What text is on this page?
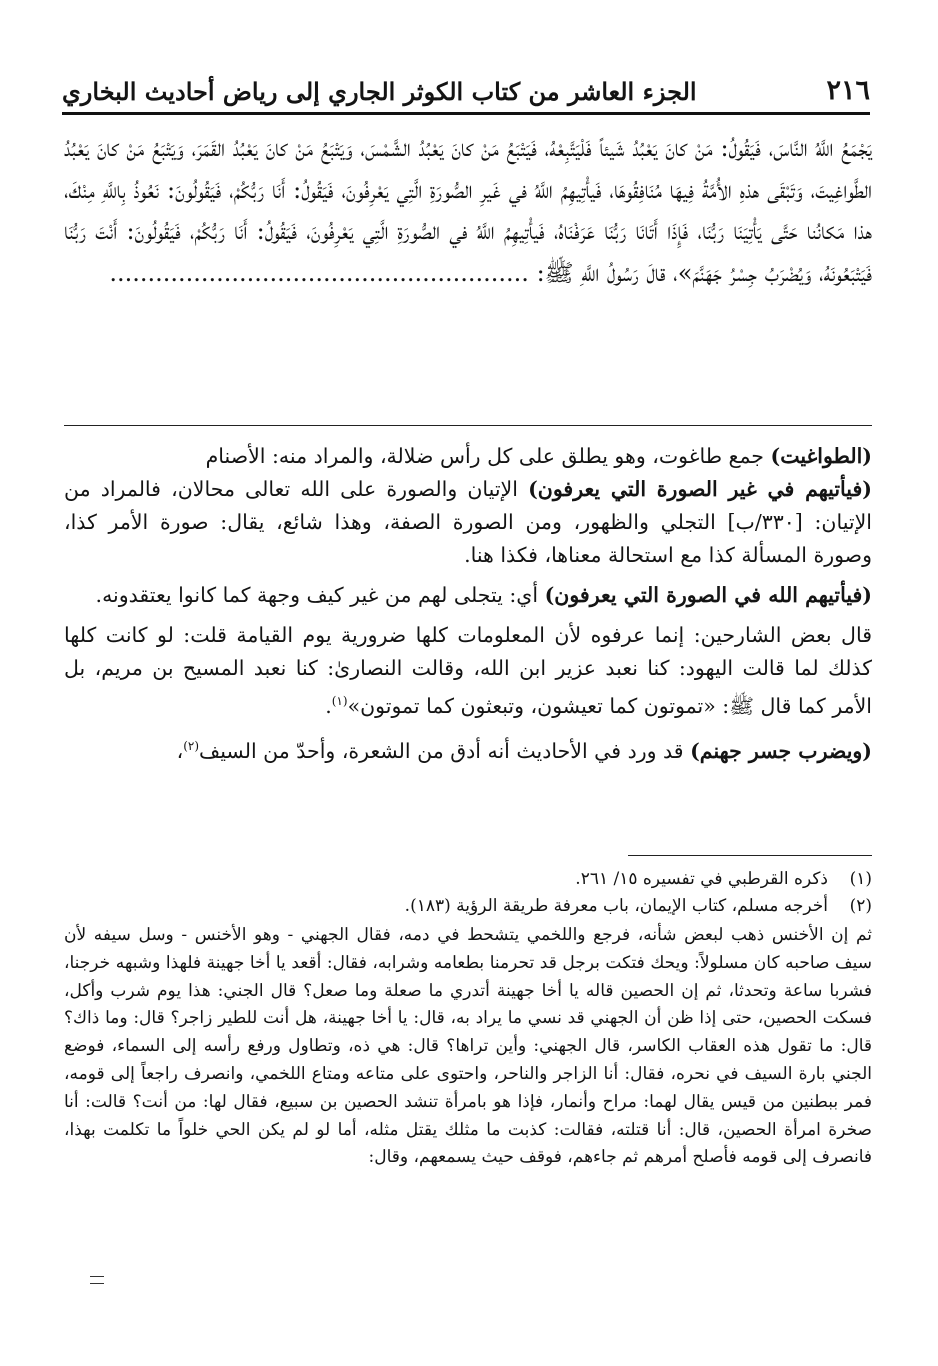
٢١٦
الجزء العاشر من كتاب الكوثر الجاري إلى رياض أحاديث البخاري

يَجْمَعُ اللَّهُ النَّاسَ، فَيَقُولُ: مَنْ كانَ يَعْبُدُ شَيئاً فَلْيَتَّبِعْهُ، فَيَتْبَعُ مَنْ كانَ يَعْبُدُ الشَّمْسَ، وَيَتْبَعُ مَنْ كانَ يَعْبُدُ القَمَرَ، وَيَتْبَعُ مَنْ كانَ يَعْبُدُ الطَّواغِيتَ، وَتَبْقَى هذهِ الأُمَّةُ فِيهَا مُنَافِقُوهَا، فَيأْتِيهِمُ اللَّهُ في غَيرِ الصُّورَةِ الَّتِي يَعْرِفُونَ، فَيَقُولُ: أَنَا رَبُّكُمْ، فَيَقُولُونَ: نَعُوذُ بِاللَّهِ مِنْكَ، هذا مَكانُنا حَتَّى يَأْتِيَنَا رَبُّنَا، فَإِذَا أَتَانَا رَبُّنَا عَرَفْنَاهُ، فَيأْتِيهِمُ اللَّهُ في الصُّورَةِ الَّتِي يَعْرِفُونَ، فَيَقُولُ: أَنَا رَبُّكُمْ، فَيَقُولُونَ: أَنْتَ رَبُّنَا فَيَتْبَعُونَهُ، وَيُضْرَبُ جِسْرُ جَهَنَّمَ»، قالَ رَسُولُ اللَّهِ ﷺ: .......................................................

(الطواغيت) جمع طاغوت، وهو يطلق على كل رأس ضلالة، والمراد منه: الأصنام
(فيأتيهم في غير الصورة التي يعرفون) الإتيان والصورة على الله تعالى محالان، فالمراد من الإتيان: [٣٣٠/ب] التجلي والظهور، ومن الصورة الصفة، وهذا شائع، يقال: صورة الأمر كذا، وصورة المسألة كذا مع استحالة معناها، فكذا هنا.

(فيأتيهم الله في الصورة التي يعرفون) أي: يتجلى لهم من غير كيف وجهة كما كانوا يعتقدونه.

قال بعض الشارحين: إنما عرفوه لأن المعلومات كلها ضرورية يوم القيامة قلت: لو كانت كلها كذلك لما قالت اليهود: كنا نعبد عزير ابن الله، وقالت النصارىٰ: كنا نعبد المسيح بن مريم، بل الأمر كما قال ﷺ: «تموتون كما تعيشون، وتبعثون كما تموتون»$^{(١)}$.

(ويضرب جسر جهنم) قد ورد في الأحاديث أنه أدق من الشعرة، وأحدّ من السيف$^{(٢)}$،

(١)
ذكره القرطبي في تفسيره ١٥/ ٢٦١.
(٢)
أخرجه مسلم، كتاب الإيمان، باب معرفة طريقة الرؤية (١٨٣).
ثم إن الأخنس ذهب لبعض شأنه، فرجع واللخمي يتشحط في دمه، فقال الجهني - وهو الأخنس - وسل سيفه لأن سيف صاحبه كان مسلولاً: ويحك فتكت برجل قد تحرمنا بطعامه وشرابه، فقال: أقعد يا أخا جهينة فلهذا وشبهه خرجنا، فشربا ساعة وتحدثا، ثم إن الحصين قاله يا أخا جهينة أتدري ما صعلة وما صعل؟ قال الجني: هذا يوم شرب وأكل، فسكت الحصين، حتى إذا ظن أن الجهني قد نسي ما يراد به، قال: يا أخا جهينة، هل أنت للطير زاجر؟ قال: وما ذاك؟ قال: ما تقول هذه العقاب الكاسر، قال الجهني: وأين تراها؟ قال: هي ذه، وتطاول ورفع رأسه إلى السماء، فوضع الجني بارة السيف في نحره، فقال: أنا الزاجر والناحر، واحتوى على متاعه ومتاع اللخمي، وانصرف راجعاً إلى قومه، فمر ببطنين من قيس يقال لهما: مراح وأنمار، فإذا هو بامرأة تنشد الحصين بن سبيع، فقال لها: من أنت؟ قالت: أنا صخرة امرأة الحصين، قال: أنا قتلته، فقالت: كذبت ما مثلك يقتل مثله، أما لو لم يكن الحي خلواً ما تكلمت بهذا، فانصرف إلى قومه فأصلح أمرهم ثم جاءهم، فوقف حيث يسمعهم، وقال:
